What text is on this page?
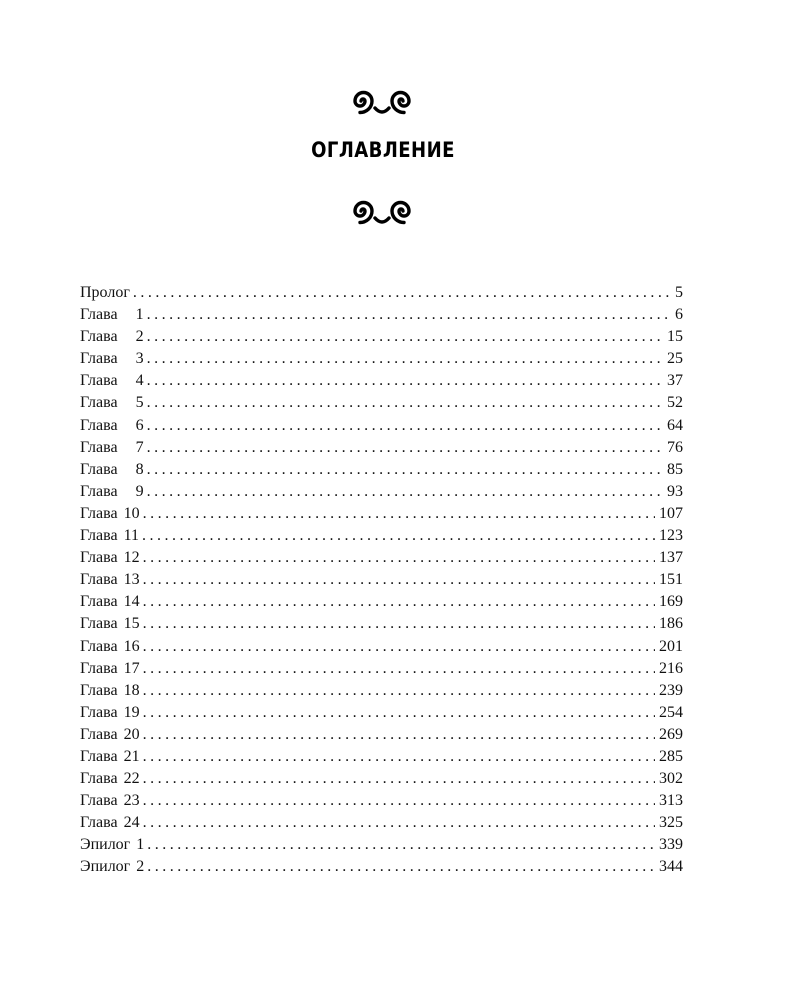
ОГЛАВЛЕНИЕ
Пролог . . .	5
Глава   1 . . .	6
Глава   2 . . .	15
Глава   3 . . .	25
Глава   4 . . .	37
Глава   5 . . .	52
Глава   6 . . .	64
Глава   7 . . .	76
Глава   8 . . .	85
Глава   9 . . .	93
Глава 10 . . .	107
Глава 11 . . .	123
Глава 12 . . .	137
Глава 13 . . .	151
Глава 14 . . .	169
Глава 15 . . .	186
Глава 16 . . .	201
Глава 17 . . .	216
Глава 18 . . .	239
Глава 19 . . .	254
Глава 20 . . .	269
Глава 21 . . .	285
Глава 22 . . .	302
Глава 23 . . .	313
Глава 24 . . .	325
Эпилог 1 . . .	339
Эпилог 2 . . .	344
